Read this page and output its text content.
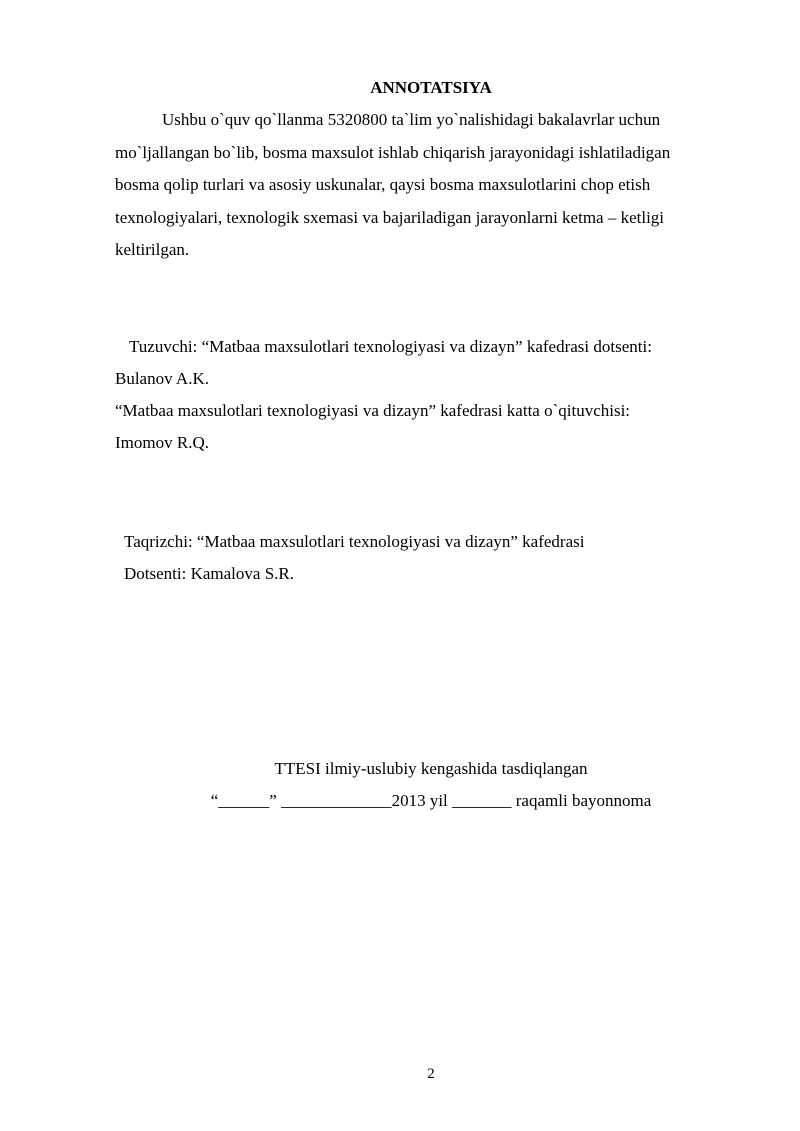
ANNOTATSIYA
Ushbu o`quv qo`llanma 5320800 ta`lim yo`nalishidagi bakalavrlar uchun
mo`ljallangan bo`lib, bosma maxsulot ishlab chiqarish jarayonidagi ishlatiladigan
bosma qolip turlari va asosiy uskunalar, qaysi bosma maxsulotlarini chop etish
texnologiyalari, texnologik sxemasi va bajariladigan jarayonlarni ketma – ketligi
keltirilgan.
Tuzuvchi: “Matbaa maxsulotlari texnologiyasi va dizayn” kafedrasi dotsenti:
Bulanov A.K.
“Matbaa maxsulotlari texnologiyasi va dizayn” kafedrasi katta o`qituvchisi:
Imomov R.Q.
Taqrizchi: “Matbaa maxsulotlari texnologiyasi va dizayn” kafedrasi
Dotsenti: Kamalova S.R.
TTESI ilmiy-uslubiy kengashida tasdiqlangan
“______” _____________2013 yil _______ raqamli bayonnoma
2
